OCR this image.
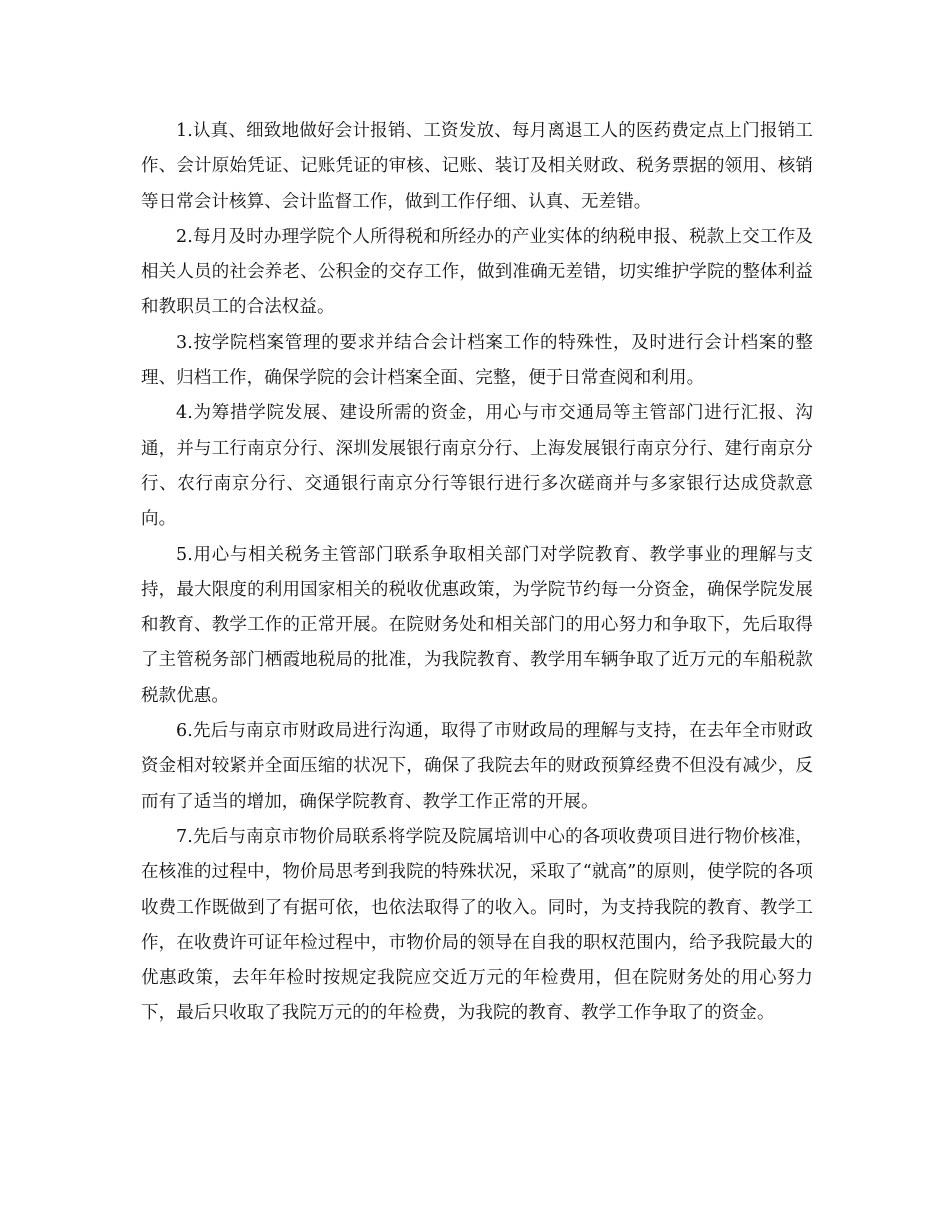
1.认真、细致地做好会计报销、工资发放、每月离退工人的医药费定点上门报销工作、会计原始凭证、记账凭证的审核、记账、装订及相关财政、税务票据的领用、核销等日常会计核算、会计监督工作，做到工作仔细、认真、无差错。

2.每月及时办理学院个人所得税和所经办的产业实体的纳税申报、税款上交工作及相关人员的社会养老、公积金的交存工作，做到准确无差错，切实维护学院的整体利益和教职员工的合法权益。

3.按学院档案管理的要求并结合会计档案工作的特殊性，及时进行会计档案的整理、归档工作，确保学院的会计档案全面、完整，便于日常查阅和利用。

4.为筹措学院发展、建设所需的资金，用心与市交通局等主管部门进行汇报、沟通，并与工行南京分行、深圳发展银行南京分行、上海发展银行南京分行、建行南京分行、农行南京分行、交通银行南京分行等银行进行多次磋商并与多家银行达成贷款意向。

5.用心与相关税务主管部门联系争取相关部门对学院教育、教学事业的理解与支持，最大限度的利用国家相关的税收优惠政策，为学院节约每一分资金，确保学院发展和教育、教学工作的正常开展。在院财务处和相关部门的用心努力和争取下，先后取得了主管税务部门栖霞地税局的批准，为我院教育、教学用车辆争取了近万元的车船税款税款优惠。

6.先后与南京市财政局进行沟通，取得了市财政局的理解与支持，在去年全市财政资金相对较紧并全面压缩的状况下，确保了我院去年的财政预算经费不但没有减少，反而有了适当的增加，确保学院教育、教学工作正常的开展。

7.先后与南京市物价局联系将学院及院属培训中心的各项收费项目进行物价核准，在核准的过程中，物价局思考到我院的特殊状况，采取了“就高”的原则，使学院的各项收费工作既做到了有据可依，也依法取得了的收入。同时，为支持我院的教育、教学工作，在收费许可证年检过程中，市物价局的领导在自我的职权范围内，给予我院最大的优惠政策，去年年检时按规定我院应交近万元的年检费用，但在院财务处的用心努力下，最后只收取了我院万元的的年检费，为我院的教育、教学工作争取了的资金。
